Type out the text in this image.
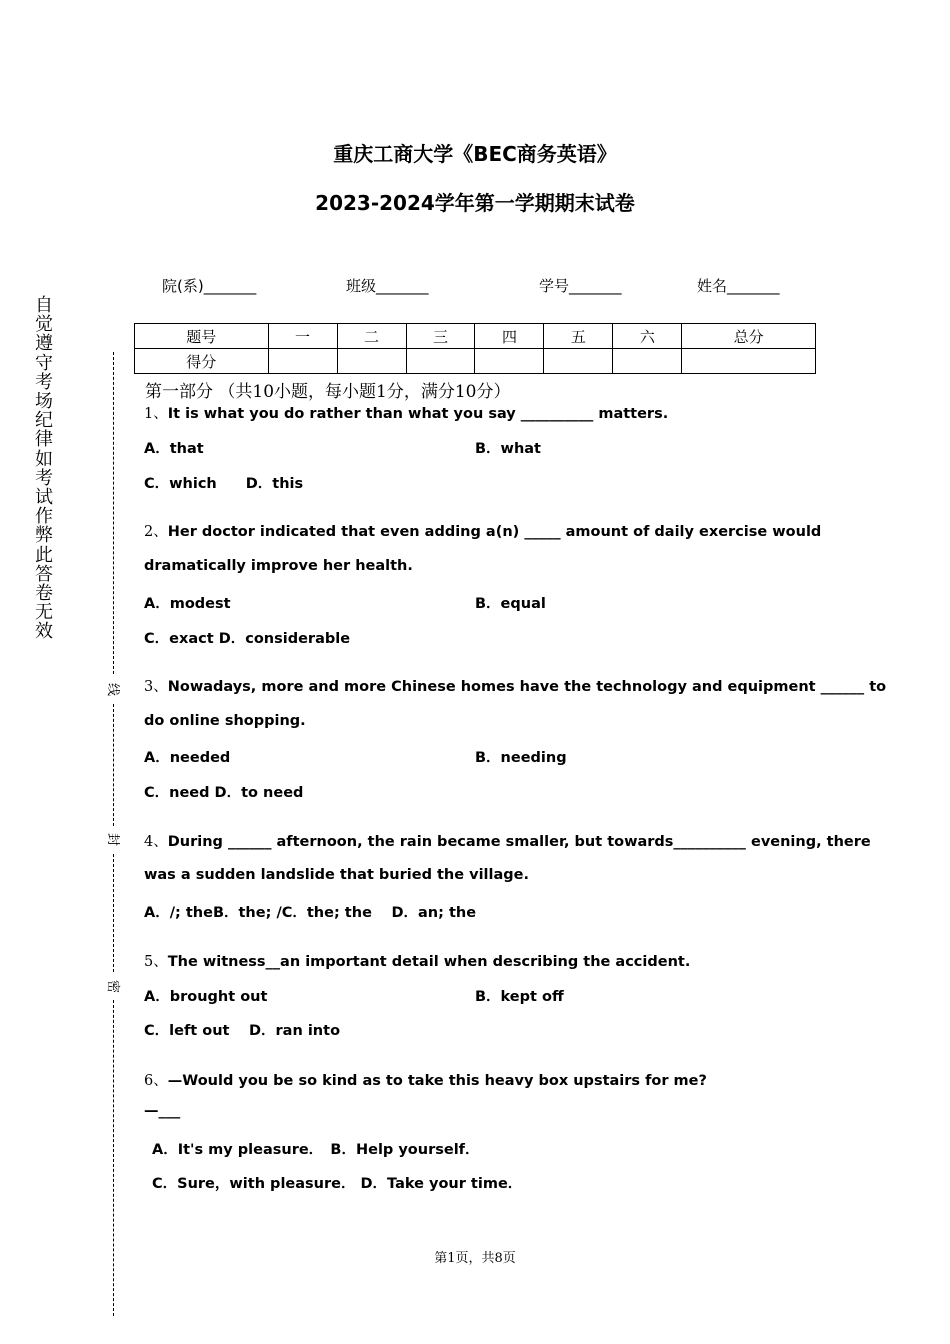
重庆工商大学《BEC商务英语》
2023-2024学年第一学期期末试卷
院(系)_______	班级_______	学号_______	姓名_______
自觉遵守考场纪律如考试作弊此答卷无效
线
封
密
题号	一	二	三	四	五	六	总分
得分							
第一部分 （共10小题，每小题1分，满分10分）
1、It is what you do rather than what you say __________ matters.
A．that	B．what
C．which　　D．this
2、Her doctor indicated that even adding a(n) _____ amount of daily exercise would
dramatically improve her health.
A．modest	B．equal
C．exact D．considerable
3、Nowadays, more and more Chinese homes have the technology and equipment ______ to
do online shopping.
A．needed	B．needing
C．need D．to need
4、During ______ afternoon, the rain became smaller, but towards__________ evening, there
was a sudden landslide that buried the village.
A．/; theB．the; /C．the; the　 D．an; the
5、The witness__an important detail when describing the accident.
A．brought out	B．kept off
C．left out　 D．ran into
6、—Would you be so kind as to take this heavy box upstairs for me?
—___
A．It's my pleasure．　B．Help yourself．
C．Sure，with pleasure． D．Take your time．
第1页，共8页
